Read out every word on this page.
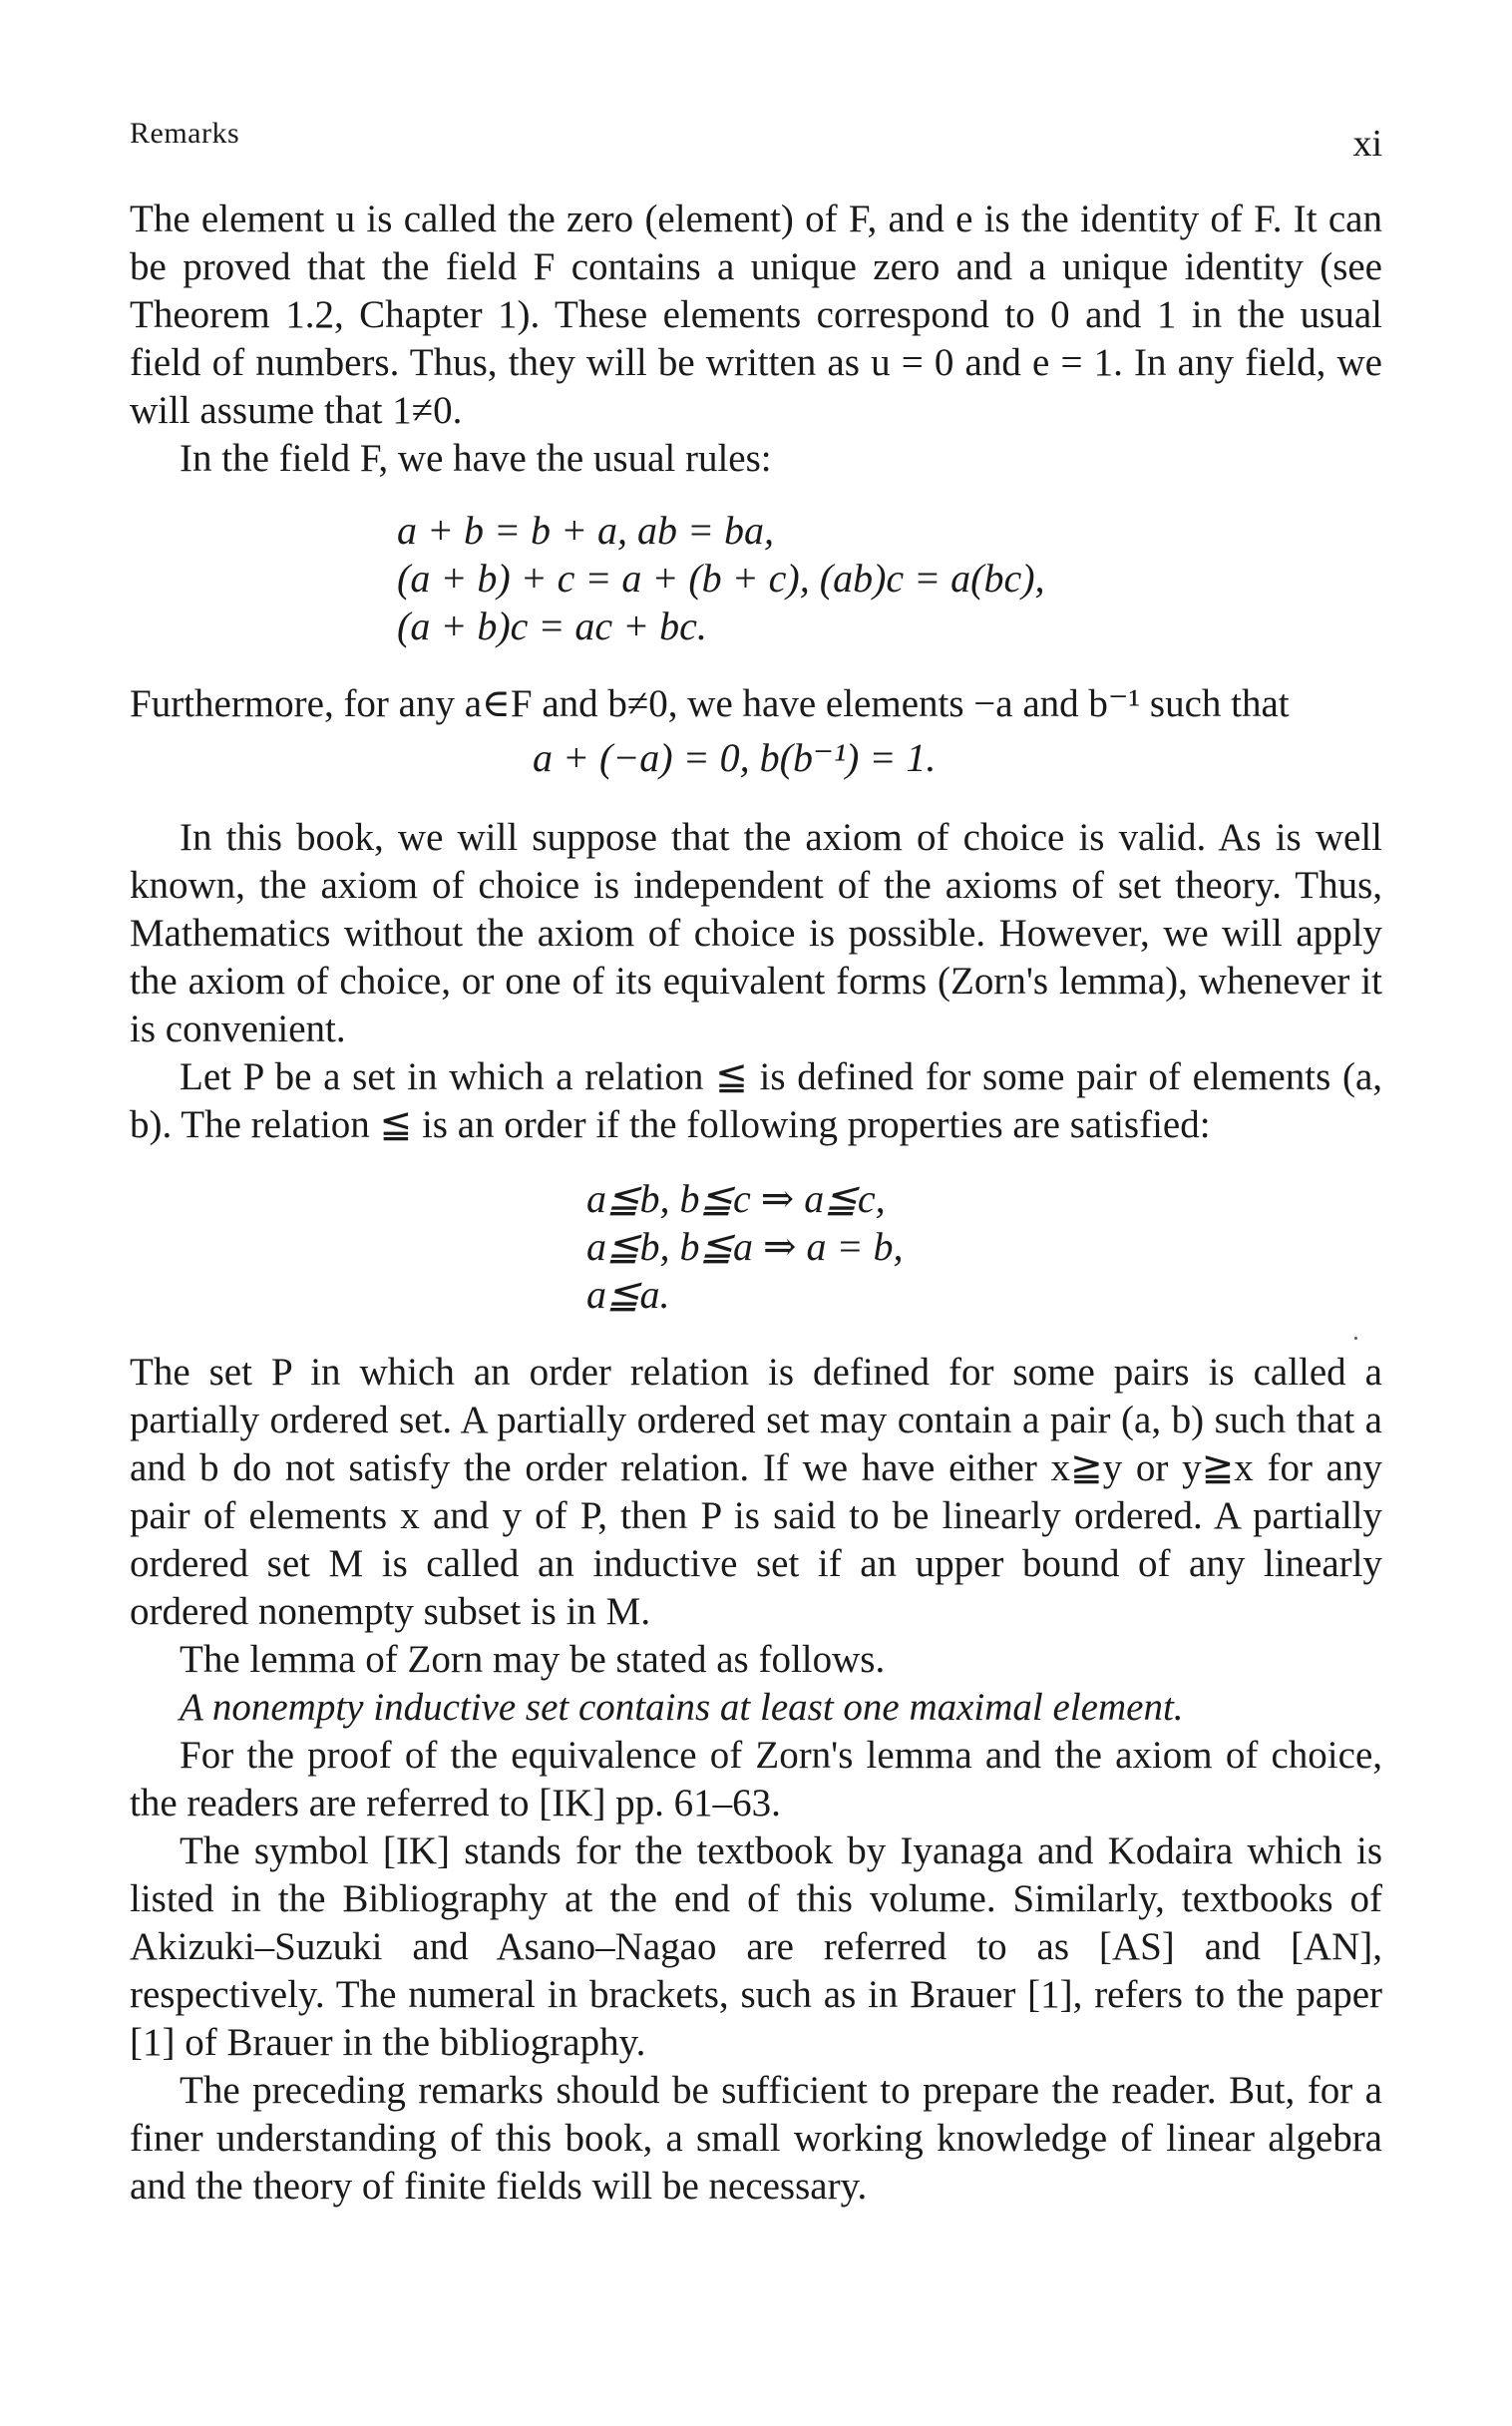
Remarks	xi

The element u is called the zero (element) of F, and e is the identity of F. It can be proved that the field F contains a unique zero and a unique identity (see Theorem 1.2, Chapter 1). These elements correspond to 0 and 1 in the usual field of numbers. Thus, they will be written as u = 0 and e = 1. In any field, we will assume that 1≠0.

In the field F, we have the usual rules:

a + b = b + a, ab = ba,
(a + b) + c = a + (b + c), (ab)c = a(bc),
(a + b)c = ac + bc.

Furthermore, for any a∈F and b≠0, we have elements −a and b⁻¹ such that

a + (−a) = 0, b(b⁻¹) = 1.

In this book, we will suppose that the axiom of choice is valid. As is well known, the axiom of choice is independent of the axioms of set theory. Thus, Mathematics without the axiom of choice is possible. However, we will apply the axiom of choice, or one of its equivalent forms (Zorn's lemma), whenever it is convenient.

Let P be a set in which a relation ≦ is defined for some pair of elements (a, b). The relation ≦ is an order if the following properties are satisfied:

a≦b, b≦c ⇒ a≦c,
a≦b, b≦a ⇒ a = b,
a≦a.

The set P in which an order relation is defined for some pairs is called a partially ordered set. A partially ordered set may contain a pair (a, b) such that a and b do not satisfy the order relation. If we have either x≧y or y≧x for any pair of elements x and y of P, then P is said to be linearly ordered. A partially ordered set M is called an inductive set if an upper bound of any linearly ordered nonempty subset is in M.

The lemma of Zorn may be stated as follows.

A nonempty inductive set contains at least one maximal element.

For the proof of the equivalence of Zorn's lemma and the axiom of choice, the readers are referred to [IK] pp. 61–63.

The symbol [IK] stands for the textbook by Iyanaga and Kodaira which is listed in the Bibliography at the end of this volume. Similarly, textbooks of Akizuki–Suzuki and Asano–Nagao are referred to as [AS] and [AN], respectively. The numeral in brackets, such as in Brauer [1], refers to the paper [1] of Brauer in the bibliography.

The preceding remarks should be sufficient to prepare the reader. But, for a finer understanding of this book, a small working knowledge of linear algebra and the theory of finite fields will be necessary.
